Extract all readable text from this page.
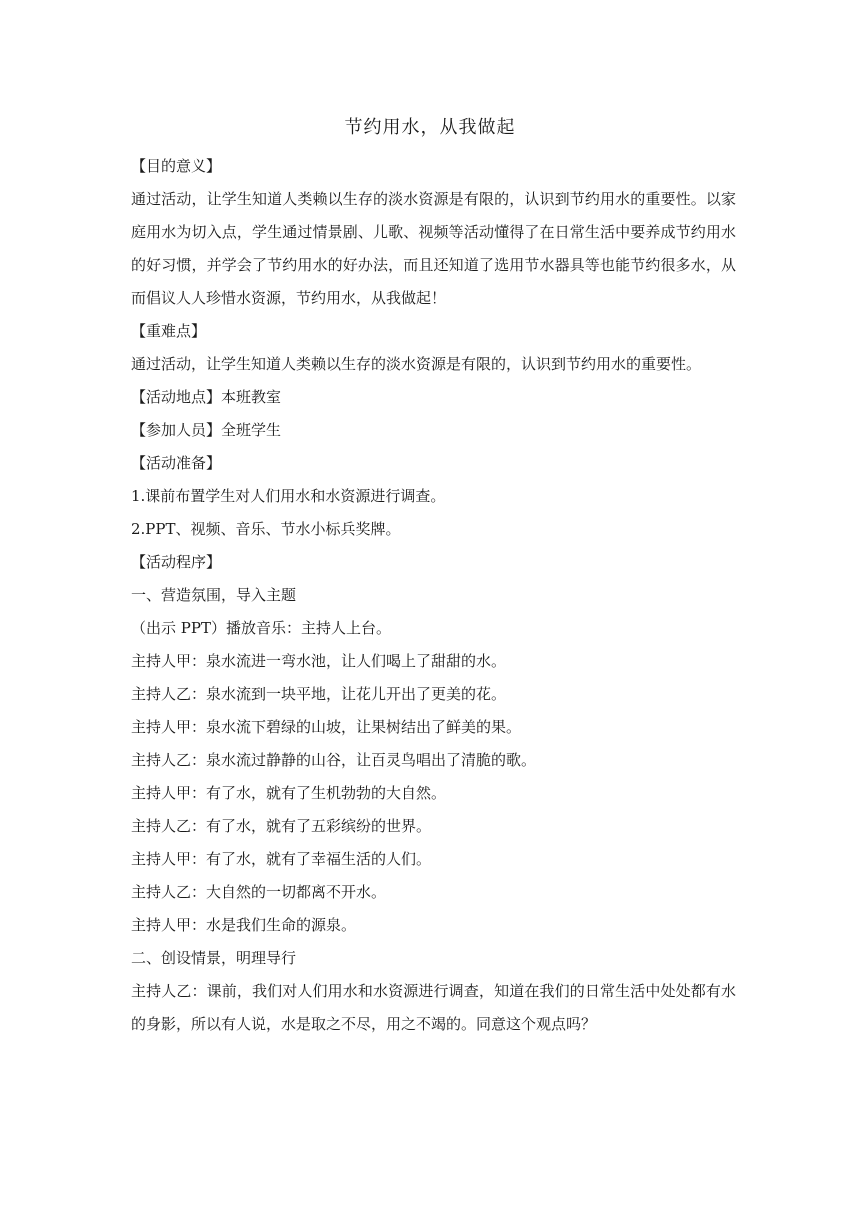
节约用水，从我做起

【目的意义】

通过活动，让学生知道人类赖以生存的淡水资源是有限的，认识到节约用水的重要性。以家庭用水为切入点，学生通过情景剧、儿歌、视频等活动懂得了在日常生活中要养成节约用水的好习惯，并学会了节约用水的好办法，而且还知道了选用节水器具等也能节约很多水，从而倡议人人珍惜水资源，节约用水，从我做起！

【重难点】

通过活动，让学生知道人类赖以生存的淡水资源是有限的，认识到节约用水的重要性。

【活动地点】本班教室

【参加人员】全班学生

【活动准备】

1.课前布置学生对人们用水和水资源进行调查。

2.PPT、视频、音乐、节水小标兵奖牌。

【活动程序】

一、营造氛围，导入主题

（出示 PPT）播放音乐：主持人上台。

主持人甲：泉水流进一弯水池，让人们喝上了甜甜的水。

主持人乙：泉水流到一块平地，让花儿开出了更美的花。

主持人甲：泉水流下碧绿的山坡，让果树结出了鲜美的果。

主持人乙：泉水流过静静的山谷，让百灵鸟唱出了清脆的歌。

主持人甲：有了水，就有了生机勃勃的大自然。

主持人乙：有了水，就有了五彩缤纷的世界。

主持人甲：有了水，就有了幸福生活的人们。

主持人乙：大自然的一切都离不开水。

主持人甲：水是我们生命的源泉。

二、创设情景，明理导行

主持人乙：课前，我们对人们用水和水资源进行调查，知道在我们的日常生活中处处都有水的身影，所以有人说，水是取之不尽，用之不竭的。同意这个观点吗？
